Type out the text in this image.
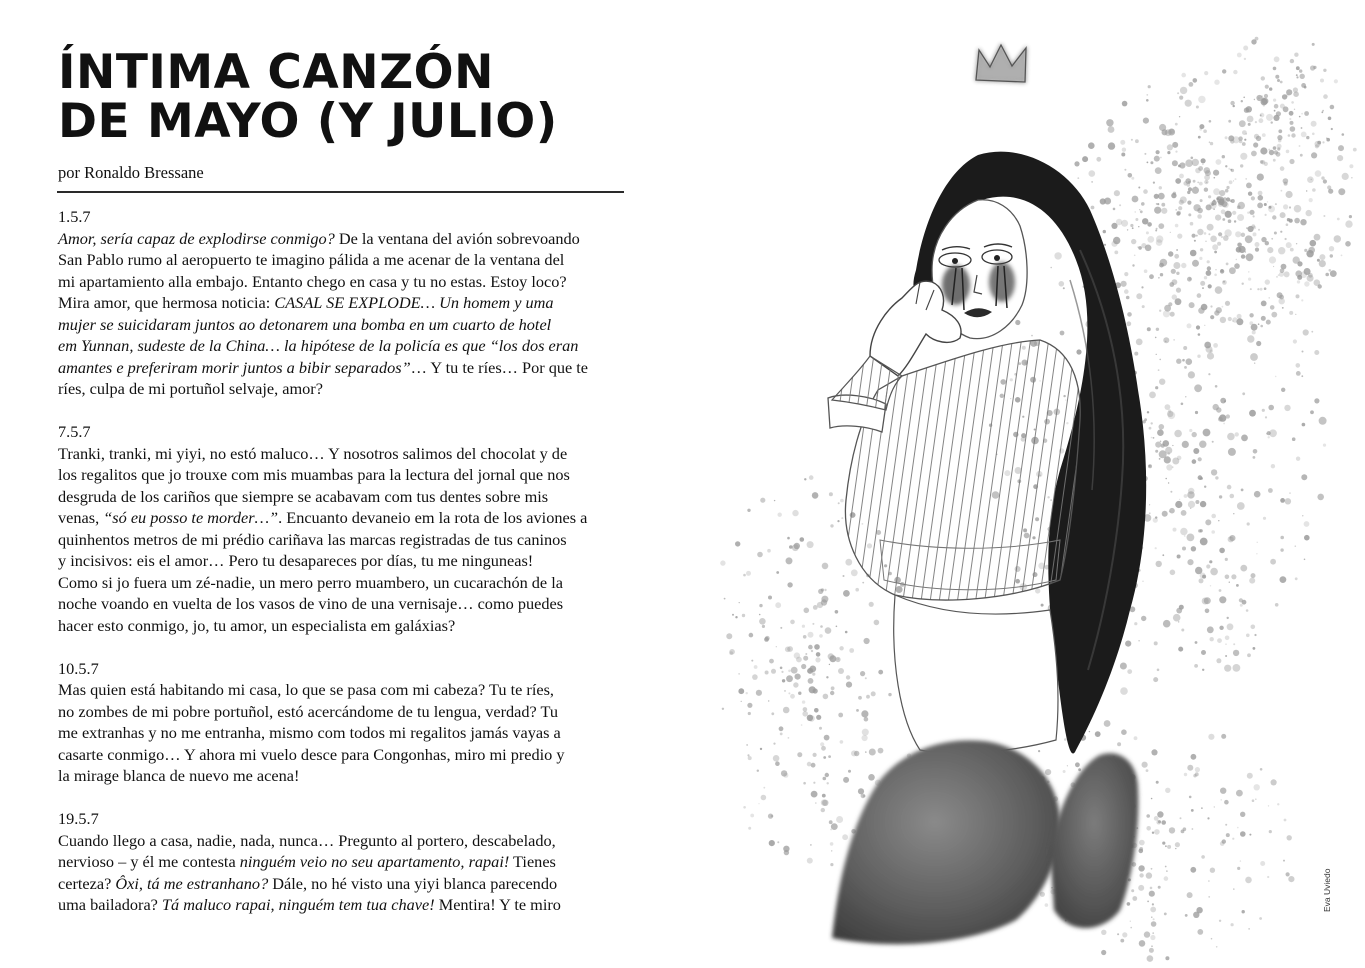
ÍNTIMA CANZÓN
DE MAYO (Y JULIO)
por Ronaldo Bressane
1.5.7
Amor, sería capaz de explodirse conmigo? De la ventana del avión sobrevoando
San Pablo rumo al aeropuerto te imagino pálida a me acenar de la ventana del
mi apartamiento alla embajo. Entanto chego en casa y tu no estas. Estoy loco?
Mira amor, que hermosa noticia: CASAL SE EXPLODE… Un homem y uma
mujer se suicidaram juntos ao detonarem una bomba en um cuarto de hotel
em Yunnan, sudeste de la China… la hipótese de la policía es que “los dos eran
amantes e preferiram morir juntos a bibir separados”… Y tu te ríes… Por que te
ríes, culpa de mi portuñol selvaje, amor?
7.5.7
Tranki, tranki, mi yiyi, no estó maluco… Y nosotros salimos del chocolat y de
los regalitos que jo trouxe com mis muambas para la lectura del jornal que nos
desgruda de los cariños que siempre se acabavam com tus dentes sobre mis
venas, “só eu posso te morder…”. Encuanto devaneio em la rota de los aviones a
quinhentos metros de mi prédio cariñava las marcas registradas de tus caninos
y incisivos: eis el amor… Pero tu desapareces por días, tu me ninguneas!
Como si jo fuera um zé-nadie, un mero perro muambero, un cucarachón de la
noche voando en vuelta de los vasos de vino de una vernisaje… como puedes
hacer esto conmigo, jo, tu amor, un especialista em galáxias?
10.5.7
Mas quien está habitando mi casa, lo que se pasa com mi cabeza? Tu te ríes,
no zombes de mi pobre portuñol, estó acercándome de tu lengua, verdad? Tu
me extranhas y no me entranha, mismo com todos mi regalitos jamás vayas a
casarte conmigo… Y ahora mi vuelo desce para Congonhas, miro mi predio y
la mirage blanca de nuevo me acena!
19.5.7
Cuando llego a casa, nadie, nada, nunca… Pregunto al portero, descabelado,
nervioso – y él me contesta ninguém veio no seu apartamento, rapai! Tienes
certeza? Ôxi, tá me estranhano? Dále, no hé visto una yiyi blanca parecendo
uma bailadora? Tá maluco rapai, ninguém tem tua chave! Mentira! Y te miro	Eva Uviedo
